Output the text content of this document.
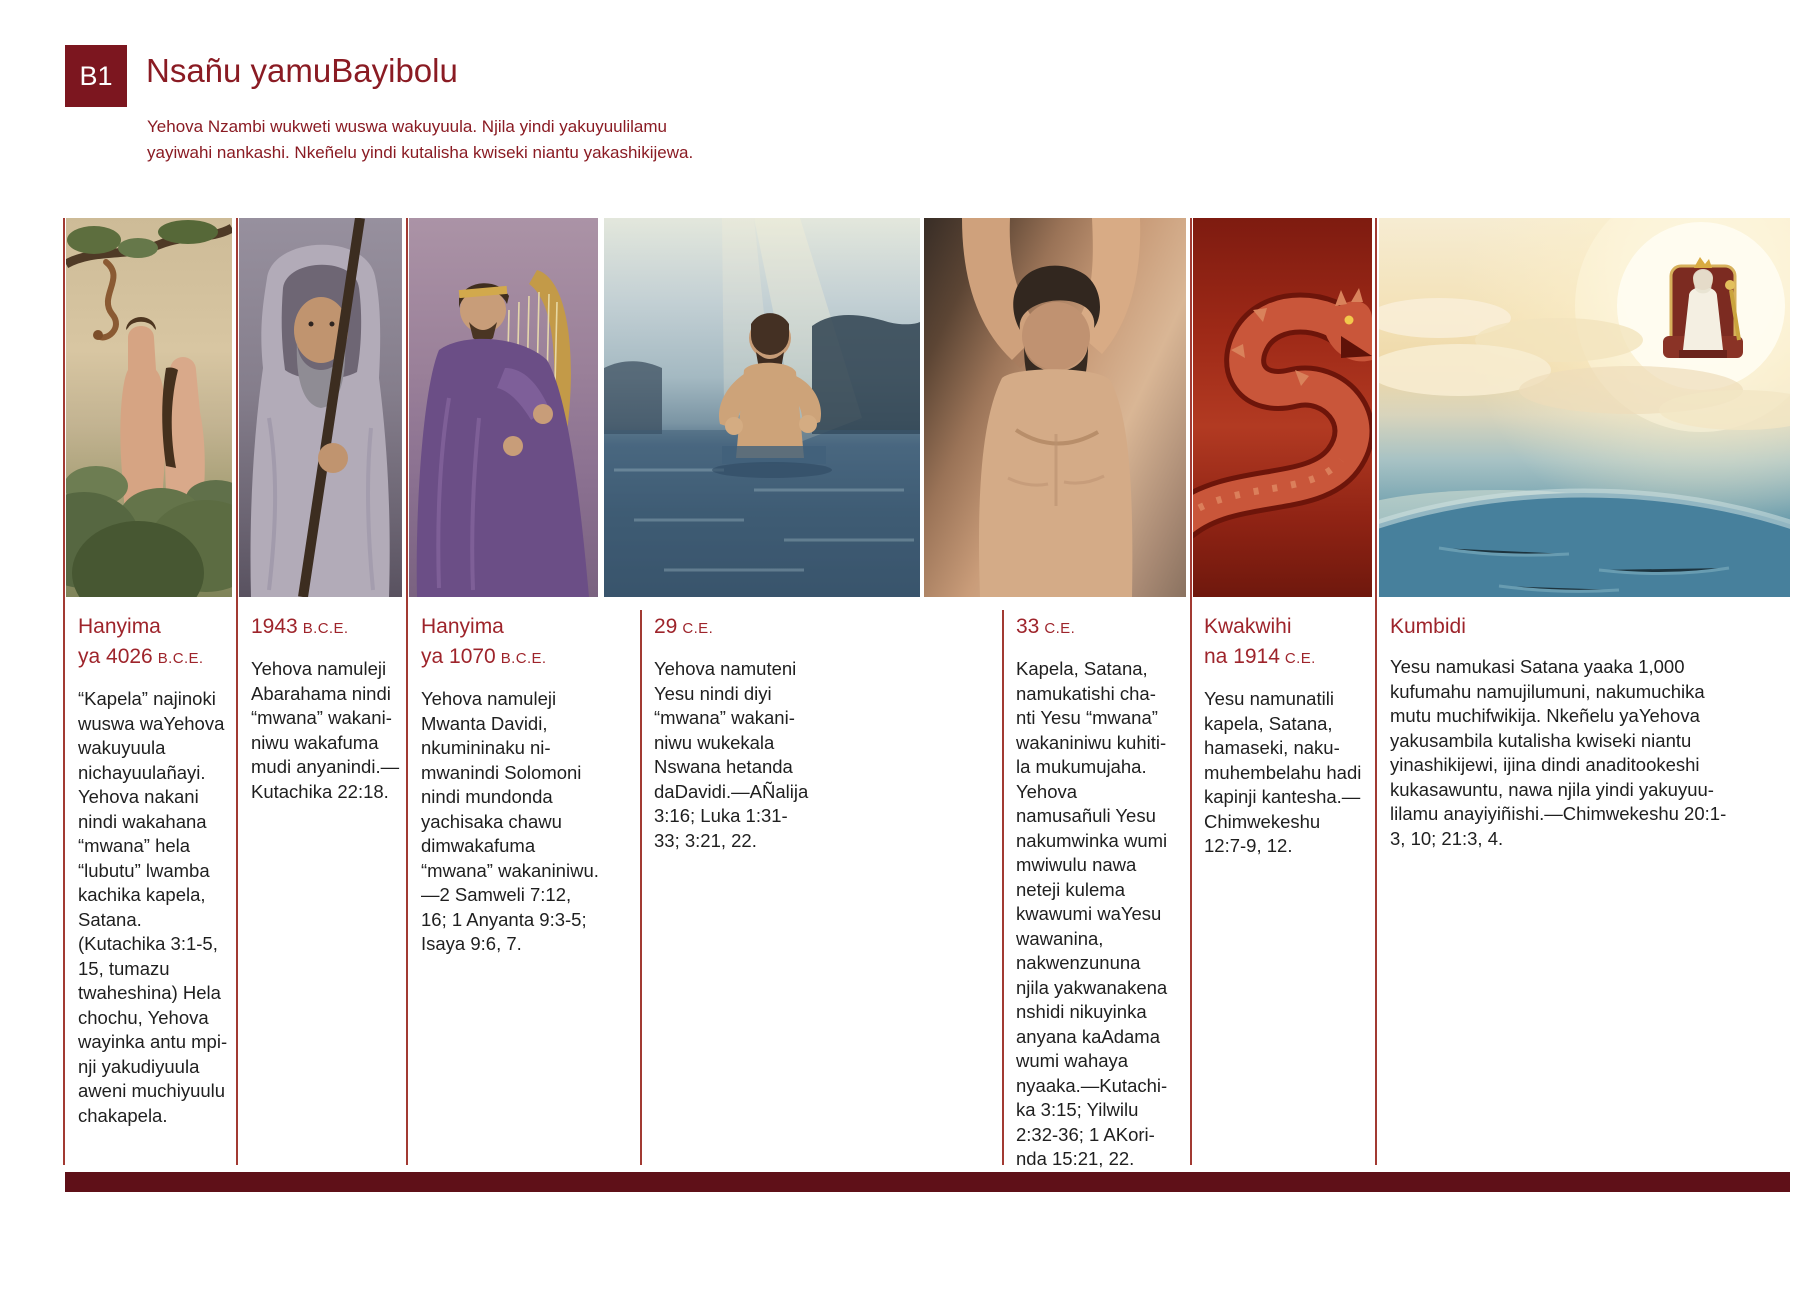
B1	Nsañu yamuBayibolu
Yehova Nzambi wukweti wuswa wakuyuula. Njila yindi yakuyuulilamu
yayiwahi nankashi. Nkeñelu yindi kutalisha kwiseki niantu yakashikijewa.
Hanyima
ya 4026 B.C.E.
“Kapela” najinoki wuswa waYehova wakuyuula nichayuulañayi. Yehova nakani nindi wakahana “mwana” hela “lubutu” lwamba kachika kapela, Satana. (Kutachika 3:1-5, 15, tumazu twaheshina) Hela chochu, Yehova wayinka antu mpinji yakudiyuula aweni muchiyuulu chakapela.
1943 B.C.E.
Yehova namuleji Abarahama nindi “mwana” wakaniniwu wakafuma mudi anyanindi.—Kutachika 22:18.
Hanyima
ya 1070 B.C.E.
Yehova namuleji Mwanta Davidi, nkumininaku nimwanindi Solomoni nindi mundonda yachisaka chawu dimwakafuma “mwana” wakaniniwu.—2 Samweli 7:12, 16; 1 Anyanta 9:3-5; Isaya 9:6, 7.
29 C.E.
Yehova namuteni Yesu nindi diyi “mwana” wakaniniwu wukekala Nswana hetanda daDavidi.—AÑalija 3:16; Luka 1:31-33; 3:21, 22.
33 C.E.
Kapela, Satana, namukatishi chanti Yesu “mwana” wakaniniwu kuhitila mukumujaha. Yehova namusañuli Yesu nakumwinka wumi mwiwulu nawa neteji kulema kwawumi waYesu wawanina, nakwenzununa njila yakwanakena nshidi nikuyinka anyana kaAdama wumi wahaya nyaaka.—Kutachika 3:15; Yilwilu 2:32-36; 1 AKorinda 15:21, 22.
Kwakwihi
na 1914 C.E.
Yesu namunatili kapela, Satana, hamaseki, nakumuhembelahu hadi kapinji kantesha.—Chimwekeshu 12:7-9, 12.
Kumbidi
Yesu namukasi Satana yaaka 1,000 kufumahu namujilumuni, nakumuchika mutu muchifwikija. Nkeñelu yaYehova yakusambila kutalisha kwiseki niantu yinashikijewi, ijina dindi anaditookeshi kukasawuntu, nawa njila yindi yakuyuulilamu anayiyiñishi.—Chimwekeshu 20:1-3, 10; 21:3, 4.
